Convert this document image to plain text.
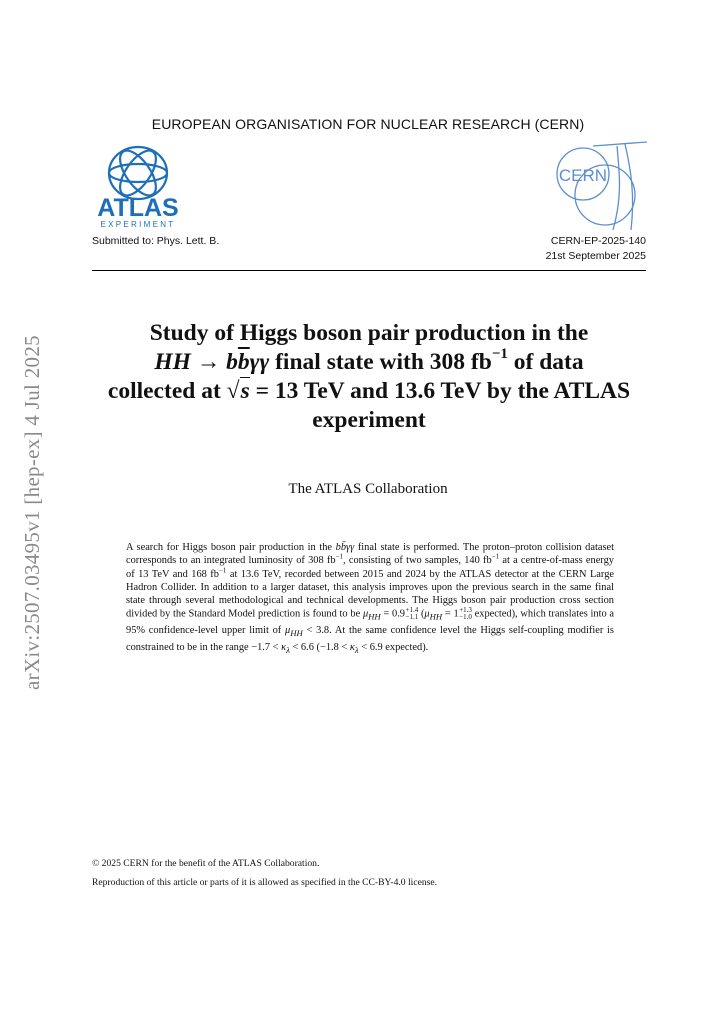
arXiv:2507.03495v1 [hep-ex] 4 Jul 2025
EUROPEAN ORGANISATION FOR NUCLEAR RESEARCH (CERN)
ATLAS
EXPERIMENT
CERN
Submitted to: Phys. Lett. B.	CERN-EP-2025-140
21st September 2025
Study of Higgs boson pair production in the
HH → $b\overline{b}\gamma\gamma$ final state with 308 $fb^{-1}$ of data
collected at √s = 13 TeV and 13.6 TeV by the ATLAS
experiment
The ATLAS Collaboration
A search for Higgs boson pair production in the bb̄γγ final state is performed. The proton–proton collision dataset corresponds to an integrated luminosity of 308 $fb^{-1}$, consisting of two samples, 140 $fb^{-1}$ at a centre-of-mass energy of 13 TeV and 168 $fb^{-1}$ at 13.6 TeV, recorded between 2015 and 2024 by the ATLAS detector at the CERN Large Hadron Collider. In addition to a larger dataset, this analysis improves upon the previous search in the same final state through several methodological and technical developments. The Higgs boson pair production cross section divided by the Standard Model prediction is found to be $\mu_{HH} = 0.9 +1.4$
−1.1 ($\mu_{HH} = 1 +1.3$
−1.0 expected), which translates into a 95% confidence-level upper limit of $\mu_{HH} < 3.8$. At the same confidence level the Higgs self-coupling modifier is constrained to be in the range $-1.7 < \kappa_\lambda < 6.6$ ($-1.8 < \kappa_\lambda < 6.9$ expected).
© 2025 CERN for the benefit of the ATLAS Collaboration.
Reproduction of this article or parts of it is allowed as specified in the CC-BY-4.0 license.
